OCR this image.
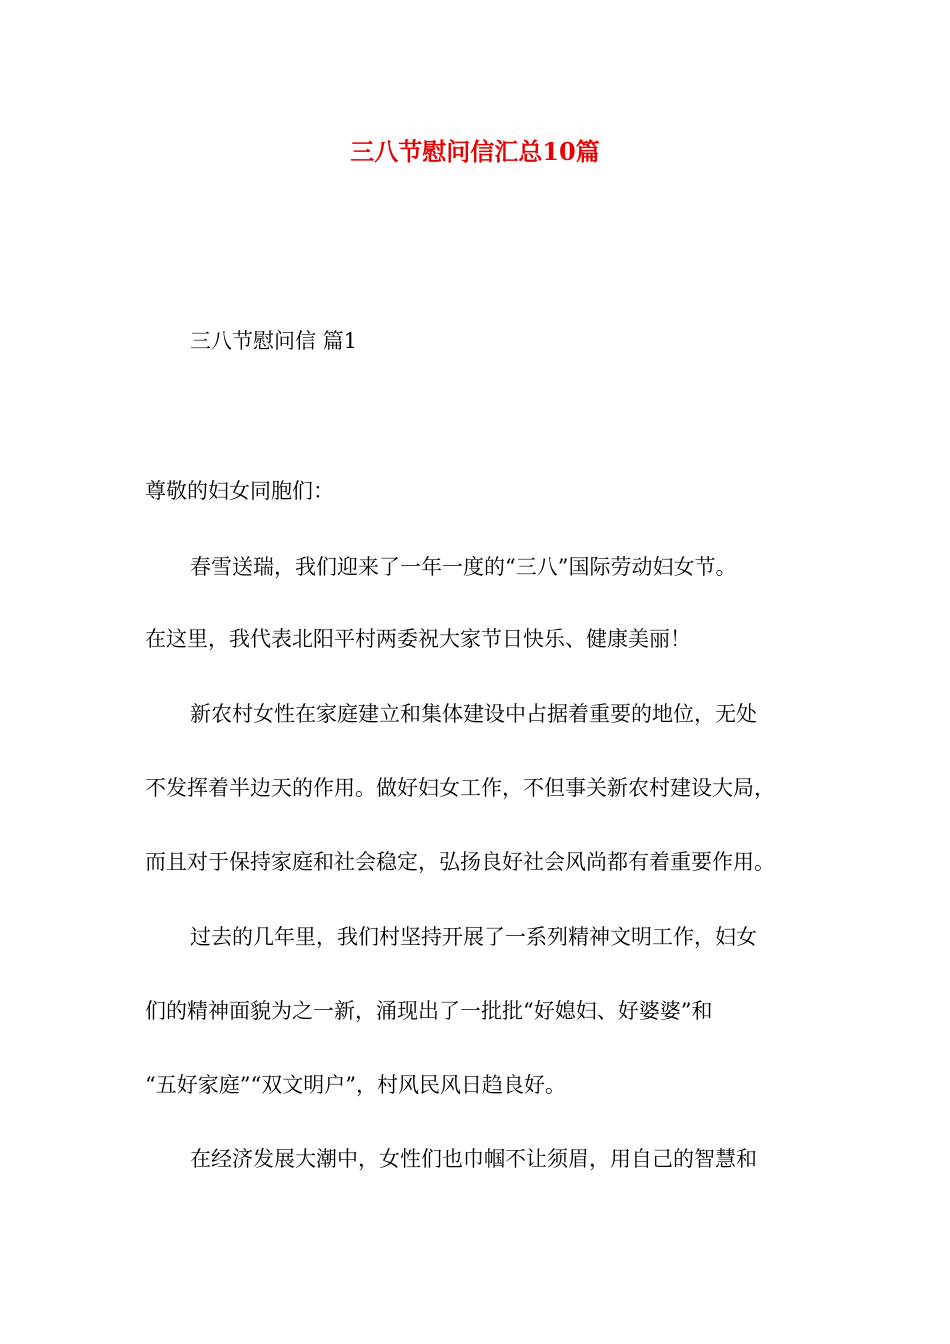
三八节慰问信汇总10篇
三八节慰问信 篇1
尊敬的妇女同胞们：
春雪送瑞，我们迎来了一年一度的“三八”国际劳动妇女节。
在这里，我代表北阳平村两委祝大家节日快乐、健康美丽！
新农村女性在家庭建立和集体建设中占据着重要的地位，无处
不发挥着半边天的作用。做好妇女工作，不但事关新农村建设大局，
而且对于保持家庭和社会稳定，弘扬良好社会风尚都有着重要作用。
过去的几年里，我们村坚持开展了一系列精神文明工作，妇女
们的精神面貌为之一新，涌现出了一批批“好媳妇、好婆婆”和
“五好家庭”“双文明户”，村风民风日趋良好。
在经济发展大潮中，女性们也巾帼不让须眉，用自己的智慧和
